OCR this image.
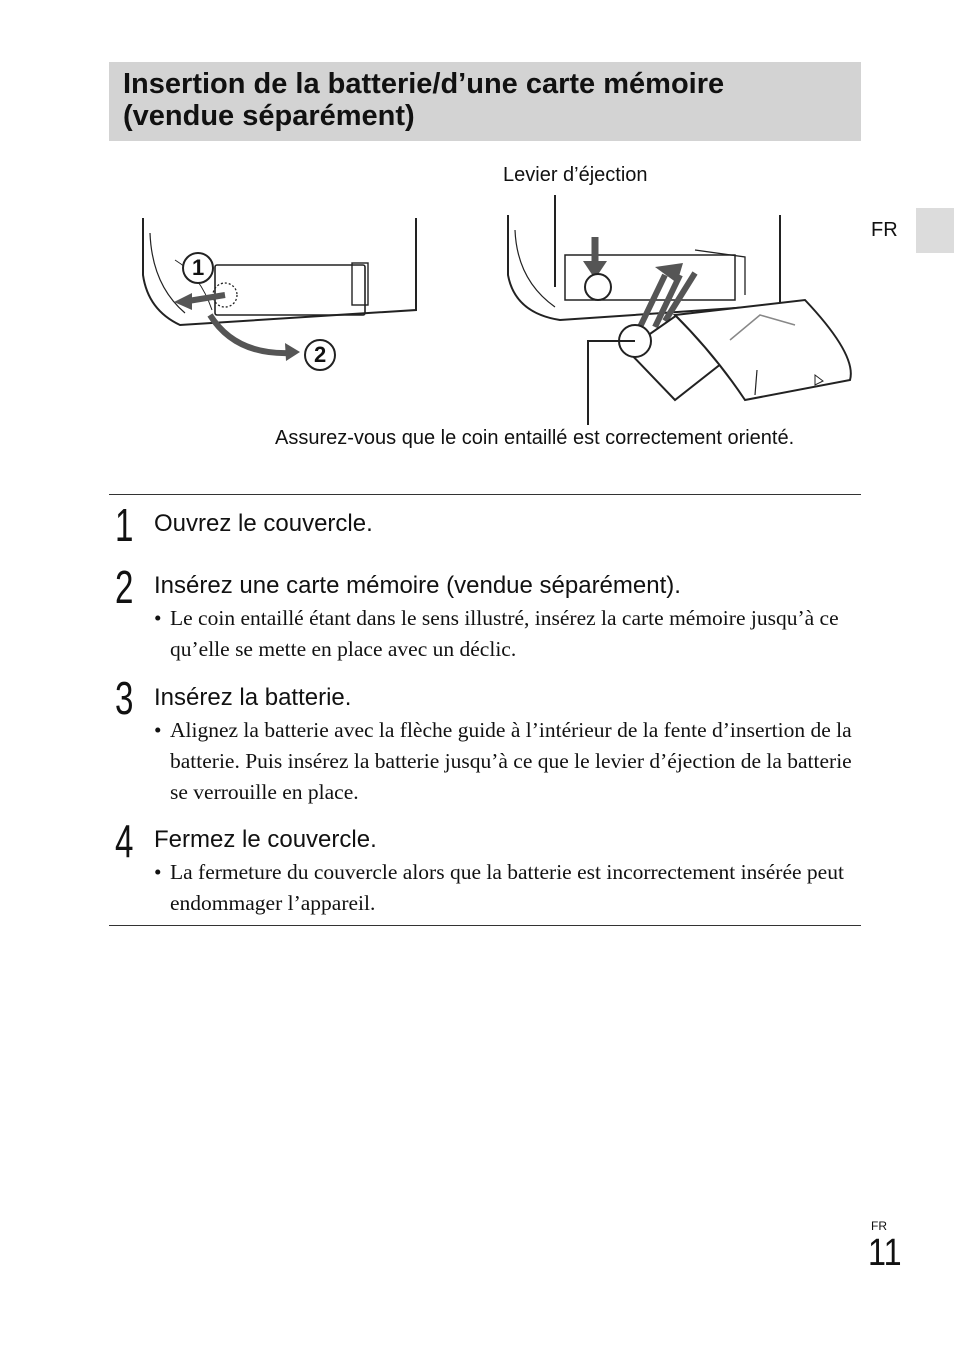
Insertion de la batterie/d’une carte mémoire
(vendue séparément)
FR
1
2
Levier d’éjection
Assurez-vous que le coin entaillé est correctement orienté.
1 Ouvrez le couvercle.
2 Insérez une carte mémoire (vendue séparément).
• Le coin entaillé étant dans le sens illustré, insérez la carte mémoire jusqu’à ce qu’elle se mette en place avec un déclic.
3 Insérez la batterie.
• Alignez la batterie avec la flèche guide à l’intérieur de la fente d’insertion de la batterie. Puis insérez la batterie jusqu’à ce que le levier d’éjection de la batterie se verrouille en place.
4 Fermez le couvercle.
• La fermeture du couvercle alors que la batterie est incorrectement insérée peut endommager l’appareil.
FR
11
